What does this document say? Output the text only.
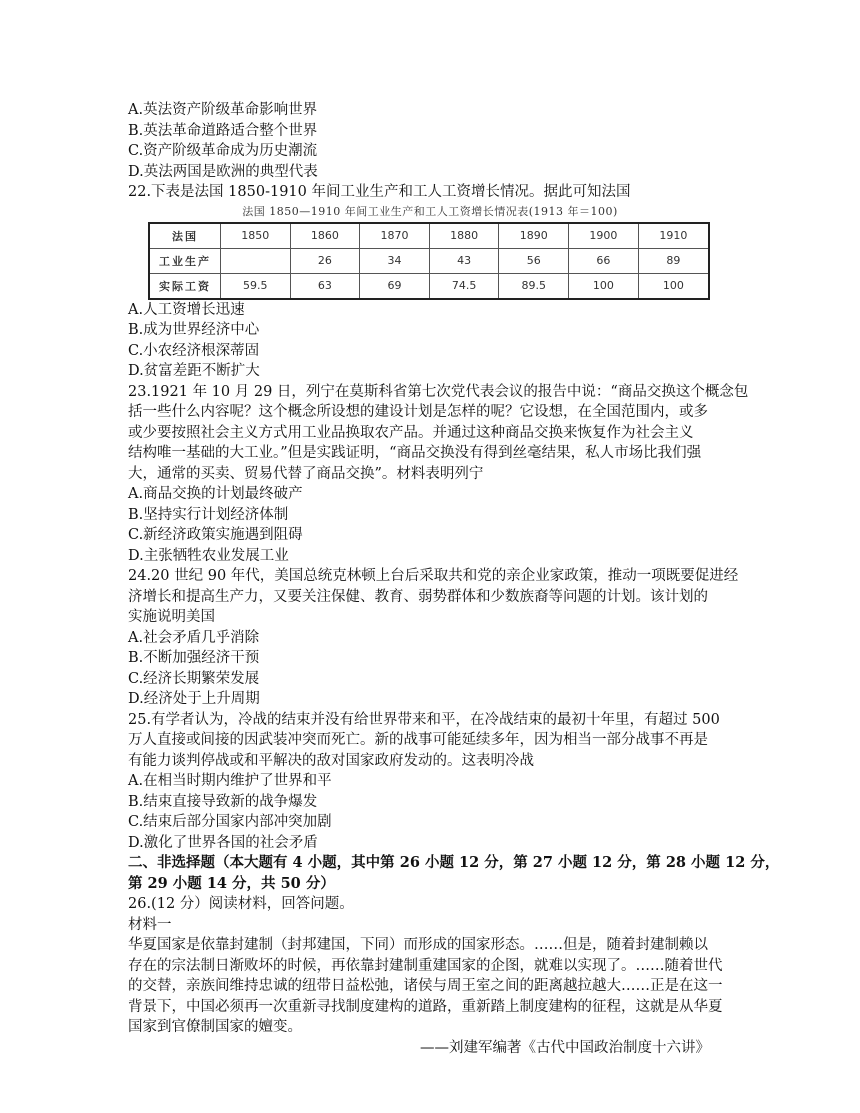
A.英法资产阶级革命影响世界
B.英法革命道路适合整个世界
C.资产阶级革命成为历史潮流
D.英法两国是欧洲的典型代表
22.下表是法国 1850-1910 年间工业生产和工人工资增长情况。据此可知法国
法国 1850—1910 年间工业生产和工人工资增长情况表(1913 年＝100)
法国	1850	1860	1870	1880	1890	1900	1910
工业生产		26	34	43	56	66	89
实际工资	59.5	63	69	74.5	89.5	100	100
A.人工资增长迅速
B.成为世界经济中心
C.小农经济根深蒂固
D.贫富差距不断扩大
23.1921 年 10 月 29 日，列宁在莫斯科省第七次党代表会议的报告中说：“商品交换这个概念包
括一些什么内容呢？这个概念所设想的建设计划是怎样的呢？它设想，在全国范围内，或多
或少要按照社会主义方式用工业品换取农产品。并通过这种商品交换来恢复作为社会主义
结构唯一基础的大工业。”但是实践证明，“商品交换没有得到丝毫结果，私人市场比我们强
大，通常的买卖、贸易代替了商品交换”。材料表明列宁
A.商品交换的计划最终破产
B.坚持实行计划经济体制
C.新经济政策实施遇到阻碍
D.主张牺牲农业发展工业
24.20 世纪 90 年代，美国总统克林顿上台后采取共和党的亲企业家政策，推动一项既要促进经
济增长和提高生产力，又要关注保健、教育、弱势群体和少数族裔等问题的计划。该计划的
实施说明美国
A.社会矛盾几乎消除
B.不断加强经济干预
C.经济长期繁荣发展
D.经济处于上升周期
25.有学者认为，冷战的结束并没有给世界带来和平，在冷战结束的最初十年里，有超过 500
万人直接或间接的因武装冲突而死亡。新的战事可能延续多年，因为相当一部分战事不再是
有能力谈判停战或和平解决的敌对国家政府发动的。这表明冷战
A.在相当时期内维护了世界和平
B.结束直接导致新的战争爆发
C.结束后部分国家内部冲突加剧
D.激化了世界各国的社会矛盾
二、非选择题（本大题有 4 小题，其中第 26 小题 12 分，第 27 小题 12 分，第 28 小题 12 分，
第 29 小题 14 分，共 50 分）
26.(12 分）阅读材料，回答问题。
材料一
华夏国家是依靠封建制（封邦建国，下同）而形成的国家形态。……但是，随着封建制赖以
存在的宗法制日渐败坏的时候，再依靠封建制重建国家的企图，就难以实现了。……随着世代
的交替，亲族间维持忠诚的纽带日益松弛，诸侯与周王室之间的距离越拉越大……正是在这一
背景下，中国必须再一次重新寻找制度建构的道路，重新踏上制度建构的征程，这就是从华夏
国家到官僚制国家的嬗变。
——刘建军编著《古代中国政治制度十六讲》
